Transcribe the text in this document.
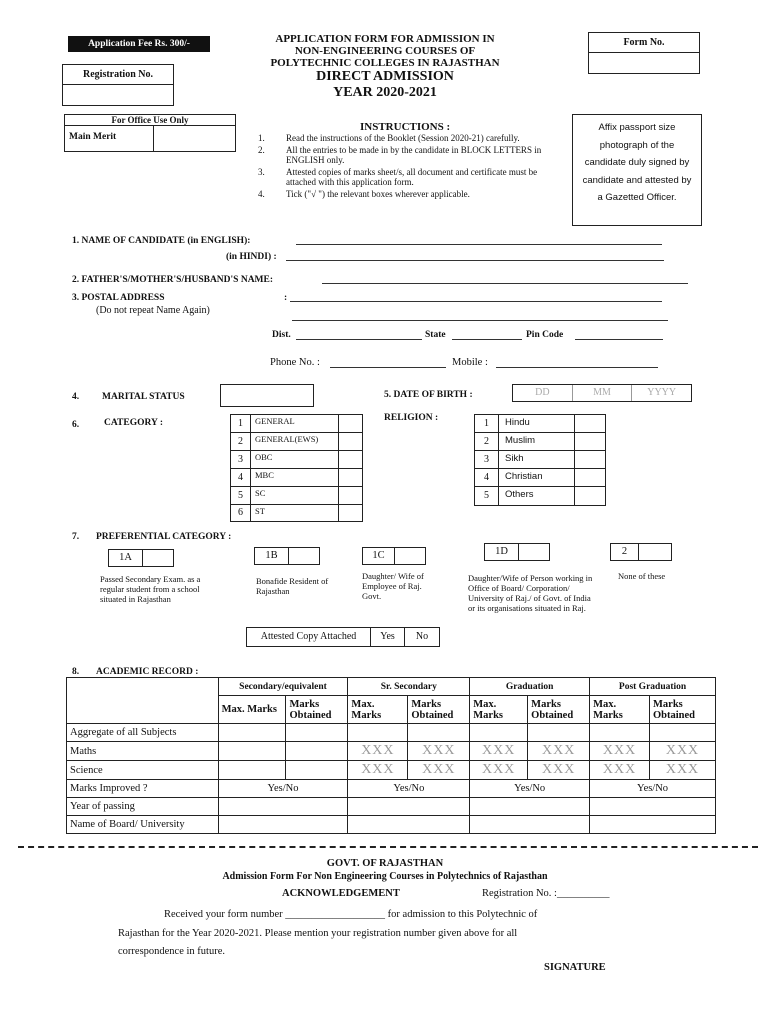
Application Fee Rs. 300/-
Registration No.
APPLICATION FORM FOR ADMISSION IN
NON-ENGINEERING COURSES OF
POLYTECHNIC COLLEGES IN RAJASTHAN
DIRECT ADMISSION
YEAR 2020-2021
Form No.
For Office Use Only
Main Merit
INSTRUCTIONS :
1.	Read the instructions of the Booklet (Session 2020-21) carefully.
2.	All the entries to be made in by the candidate in BLOCK LETTERS in ENGLISH only.
3.	Attested copies of marks sheet/s, all document and certificate must be attached with this application form.
4.	Tick ("√ ") the relevant boxes wherever applicable.
Affix passport size photograph of the candidate duly signed by candidate and attested by a Gazetted Officer.
1. NAME OF CANDIDATE (in ENGLISH):
(in HINDI) :
2. FATHER'S/MOTHER'S/HUSBAND'S NAME:
3. POSTAL ADDRESS	:
(Do not repeat Name Again)
Dist.	State	Pin Code
Phone No. :	Mobile :
4. MARITAL STATUS	5. DATE OF BIRTH :	DD	MM	YYYY
6.	CATEGORY :	1	GENERAL
2	GENERAL(EWS)
3	OBC
4	MBC
5	SC
6	ST
RELIGION :	1	Hindu
2	Muslim
3	Sikh
4	Christian
5	Others
7. PREFERENTIAL CATEGORY :
1A
Passed Secondary Exam. as a regular student from a school situated in Rajasthan
1B
Bonafide Resident of Rajasthan
1C
Daughter/ Wife of Employee of Raj. Govt.
1D
Daughter/Wife of Person working in Office of Board/ Corporation/ University of Raj./ of Govt. of India or its organisations situated in Raj.
2
None of these
Attested Copy Attached	Yes	No
8. ACADEMIC RECORD :
	Secondary/equivalent		Sr. Secondary		Graduation		Post Graduation	
	Max. Marks	Marks Obtained	Max. Marks	Marks Obtained	Max. Marks	Marks Obtained	Max. Marks	Marks Obtained
Aggregate of all Subjects								
Maths			XXX	XXX	XXX	XXX	XXX	XXX
Science			XXX	XXX	XXX	XXX	XXX	XXX
Marks Improved ?	Yes/No		Yes/No		Yes/No		Yes/No	
Year of passing								
Name of Board/ University								
GOVT. OF RAJASTHAN
Admission Form For Non Engineering Courses in Polytechnics of Rajasthan
ACKNOWLEDGEMENT	Registration No. :__________
Received your form number ___________________ for admission to this Polytechnic of
Rajasthan for the Year 2020-2021. Please mention your registration number given above for all
correspondence in future.
SIGNATURE
